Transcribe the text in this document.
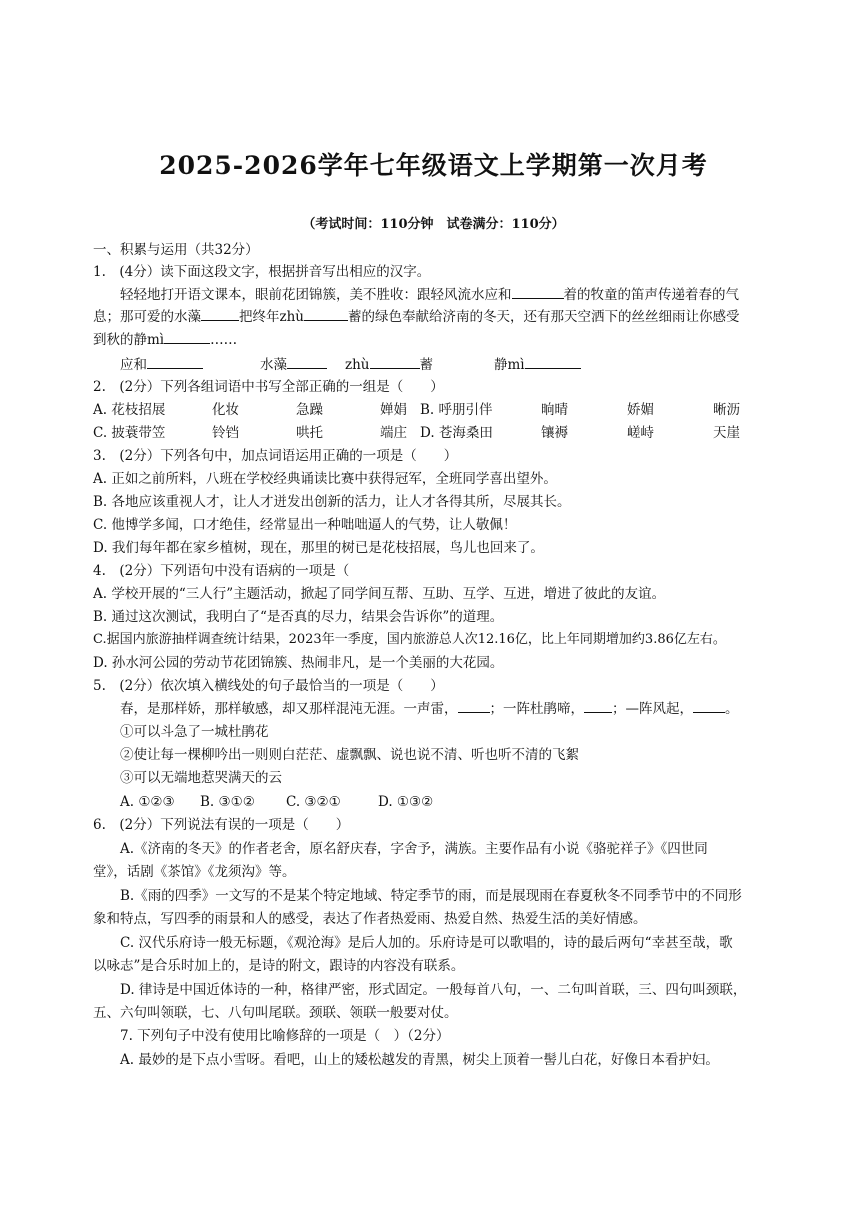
2025-2026学年七年级语文上学期第一次月考
（考试时间：110分钟　试卷满分：110分）
一、积累与运用（共32分）
1.　(4分）读下面这段文字，根据拼音写出相应的汉字。
轻轻地打开语文课本，眼前花团锦簇，美不胜收：跟轻风流水应和	着的牧童的笛声传递着春的气
息；那可爱的水藻	把终年zhù	蓄的绿色奉献给济南的冬天，还有那天空洒下的丝丝细雨让你感受
到秋的静mì	……
应和	水藻	zhù	蓄	静mì
2.　(2分）下列各组词语中书写全部正确的一组是（　　）
A. 花枝招展	化妆	急躁	婵娟 B. 呼朋引伴	晌晴	娇媚	晰沥
C. 披蓑带笠	铃铛	哄托	端庄 D. 苍海桑田	镶褥	嵯峙	天崖
3.　(2分）下列各句中，加点词语运用正确的一项是（　　）
A. 正如之前所料，八班在学校经典诵读比赛中获得冠军，全班同学喜出望外。
B. 各地应该重视人才，让人才迸发出创新的活力，让人才各得其所，尽展其长。
C. 他博学多闻，口才绝佳，经常显出一种咄咄逼人的气势，让人敬佩！
D. 我们每年都在家乡植树，现在，那里的树已是花枝招展，鸟儿也回来了。
4.　(2分）下列语句中没有语病的一项是（
A. 学校开展的“三人行”主题活动，掀起了同学间互帮、互助、互学、互进，增进了彼此的友谊。
B. 通过这次测试，我明白了“是否真的尽力，结果会告诉你”的道理。
C.据国内旅游抽样调查统计结果，2023年一季度，国内旅游总人次12.16亿，比上年同期增加约3.86亿左右。
D. 孙水河公园的劳动节花团锦簇、热闹非凡，是一个美丽的大花园。
5.　(2分）依次填入横线处的句子最恰当的一项是（　　）
春，是那样娇，那样敏感，却又那样混沌无涯。一声雷， ；一阵杜鹃啼， ；—阵风起， 。
①可以斗急了一城杜鹃花
②使让每一棵柳吟出一则则白茫茫、虚飘飘、说也说不清、听也听不清的飞絮
③可以无端地惹哭满天的云
A. ①②③ B. ③①② C. ③②①	D. ①③②
6.　(2分）下列说法有误的一项是（　　）
A.《济南的冬天》的作者老舍，原名舒庆春，字舍予，满族。主要作品有小说《骆驼祥子》《四世同
堂》，话剧《茶馆》《龙须沟》等。
B.《雨的四季》一文写的不是某个特定地域、特定季节的雨，而是展现雨在春夏秋冬不同季节中的不同形
象和特点，写四季的雨景和人的感受，表达了作者热爱雨、热爱自然、热爱生活的美好情感。
C. 汉代乐府诗一般无标题，《观沧海》是后人加的。乐府诗是可以歌唱的，诗的最后两句“幸甚至哉，歌
以咏志”是合乐时加上的，是诗的附文，跟诗的内容没有联系。
D. 律诗是中国近体诗的一种，格律严密，形式固定。一般每首八句，一、二句叫首联，三、四句叫颈联，
五、六句叫领联，七、八句叫尾联。颈联、领联一般要对仗。
7. 下列句子中没有使用比喻修辞的一项是（　）（2分）
A. 最妙的是下点小雪呀。看吧，山上的矮松越发的青黑，树尖上顶着一髻儿白花，好像日本看护妇。
